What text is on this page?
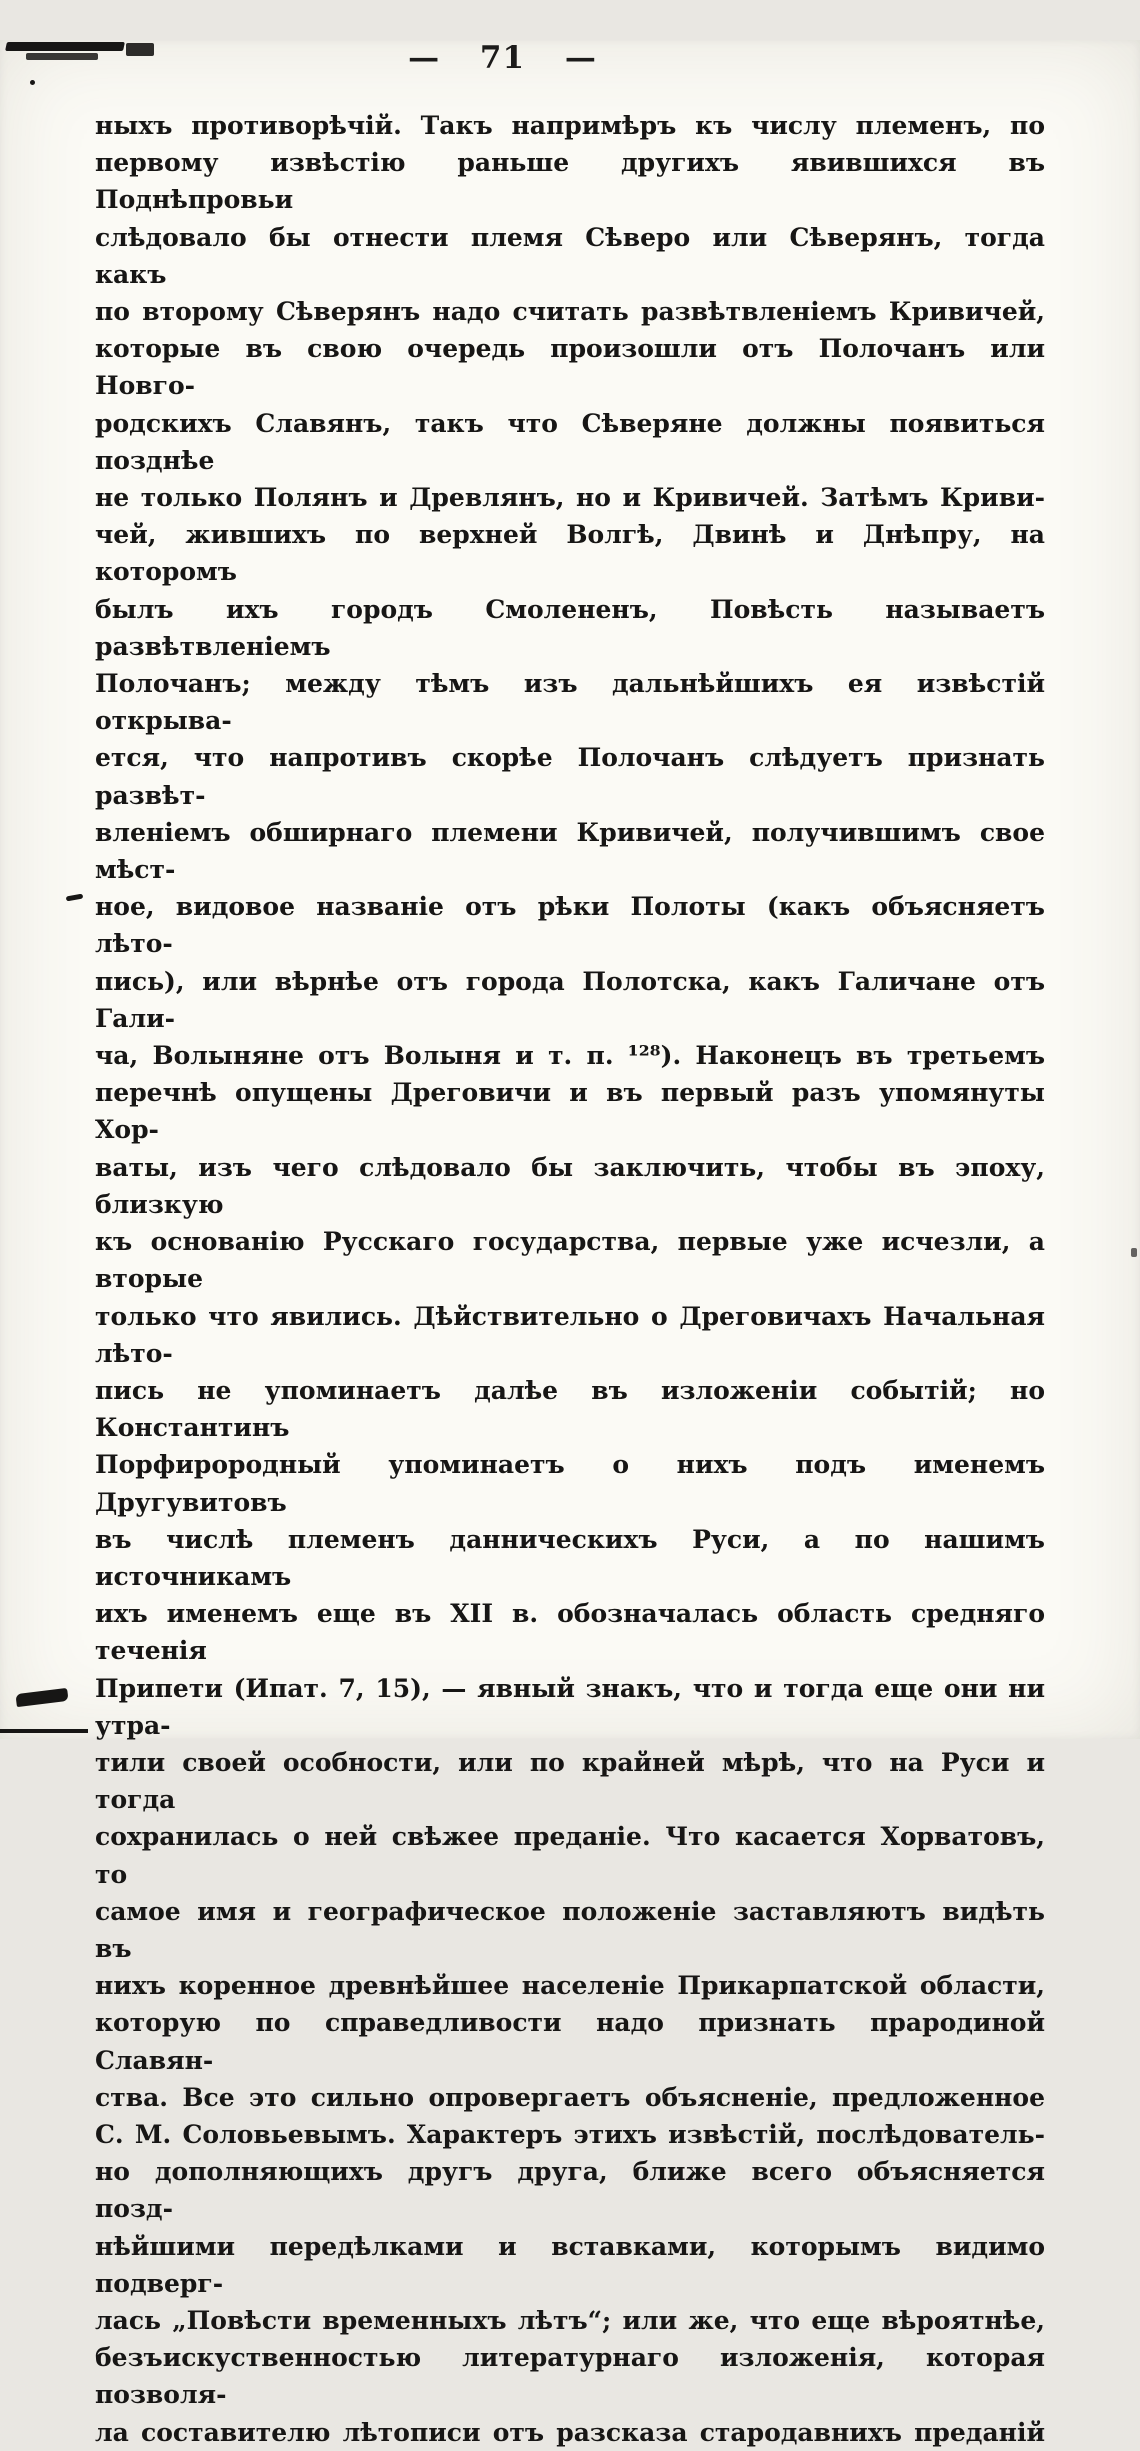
— 71 —
ныхъ противорѣчій. Такъ напримѣръ къ числу племенъ, по
первому извѣстію раньше другихъ явившихся въ Поднѣпровьи
слѣдовало бы отнести племя Сѣверо или Сѣверянъ, тогда какъ
по второму Сѣверянъ надо считать развѣтвленіемъ Кривичей,
которые въ свою очередь произошли отъ Полочанъ или Новго-
родскихъ Славянъ, такъ что Сѣверяне должны появиться позднѣе
не только Полянъ и Древлянъ, но и Кривичей. Затѣмъ Криви-
чей, жившихъ по верхней Волгѣ, Двинѣ и Днѣпру, на которомъ
былъ ихъ городъ Смолененъ, Повѣсть называетъ развѣтвленіемъ
Полочанъ; между тѣмъ изъ дальнѣйшихъ ея извѣстій открыва-
ется, что напротивъ скорѣе Полочанъ слѣдуетъ признать развѣт-
вленіемъ обширнаго племени Кривичей, получившимъ свое мѣст-
ное, видовое названіе отъ рѣки Полоты (какъ объясняетъ лѣто-
пись), или вѣрнѣе отъ города Полотска, какъ Галичане отъ Гали-
ча, Волыняне отъ Волыня и т. п. ¹²⁸). Наконецъ въ третьемъ
перечнѣ опущены Дреговичи и въ первый разъ упомянуты Хор-
ваты, изъ чего слѣдовало бы заключить, чтобы въ эпоху, близкую
къ основанію Русскаго государства, первые уже исчезли, а вторые
только что явились. Дѣйствительно о Дреговичахъ Начальная лѣто-
пись не упоминаетъ далѣе въ изложеніи событій; но Константинъ
Порфирородный упоминаетъ о нихъ подъ именемъ Другувитовъ
въ числѣ племенъ данническихъ Руси, а по нашимъ источникамъ
ихъ именемъ еще въ XII в. обозначалась область средняго теченія
Припети (Ипат. 7, 15), — явный знакъ, что и тогда еще они ни утра-
тили своей особности, или по крайней мѣрѣ, что на Руси и тогда
сохранилась о ней свѣжее преданіе. Что касается Хорватовъ, то
самое имя и географическое положеніе заставляютъ видѣть въ
нихъ коренное древнѣйшее населеніе Прикарпатской области,
которую по справедливости надо признать прародиной Славян-
ства. Все это сильно опровергаетъ объясненіе, предложенное
С. М. Соловьевымъ. Характеръ этихъ извѣстій, послѣдователь-
но дополняющихъ другъ друга, ближе всего объясняется позд-
нѣйшими передѣлками и вставками, которымъ видимо подверг-
лась „Повѣсти временныхъ лѣтъ“; или же, что еще вѣроятнѣе,
безъискуственностью литературнаго изложенія, которая позволя-
ла составителю лѣтописи отъ разсказа стародавнихъ преданій
